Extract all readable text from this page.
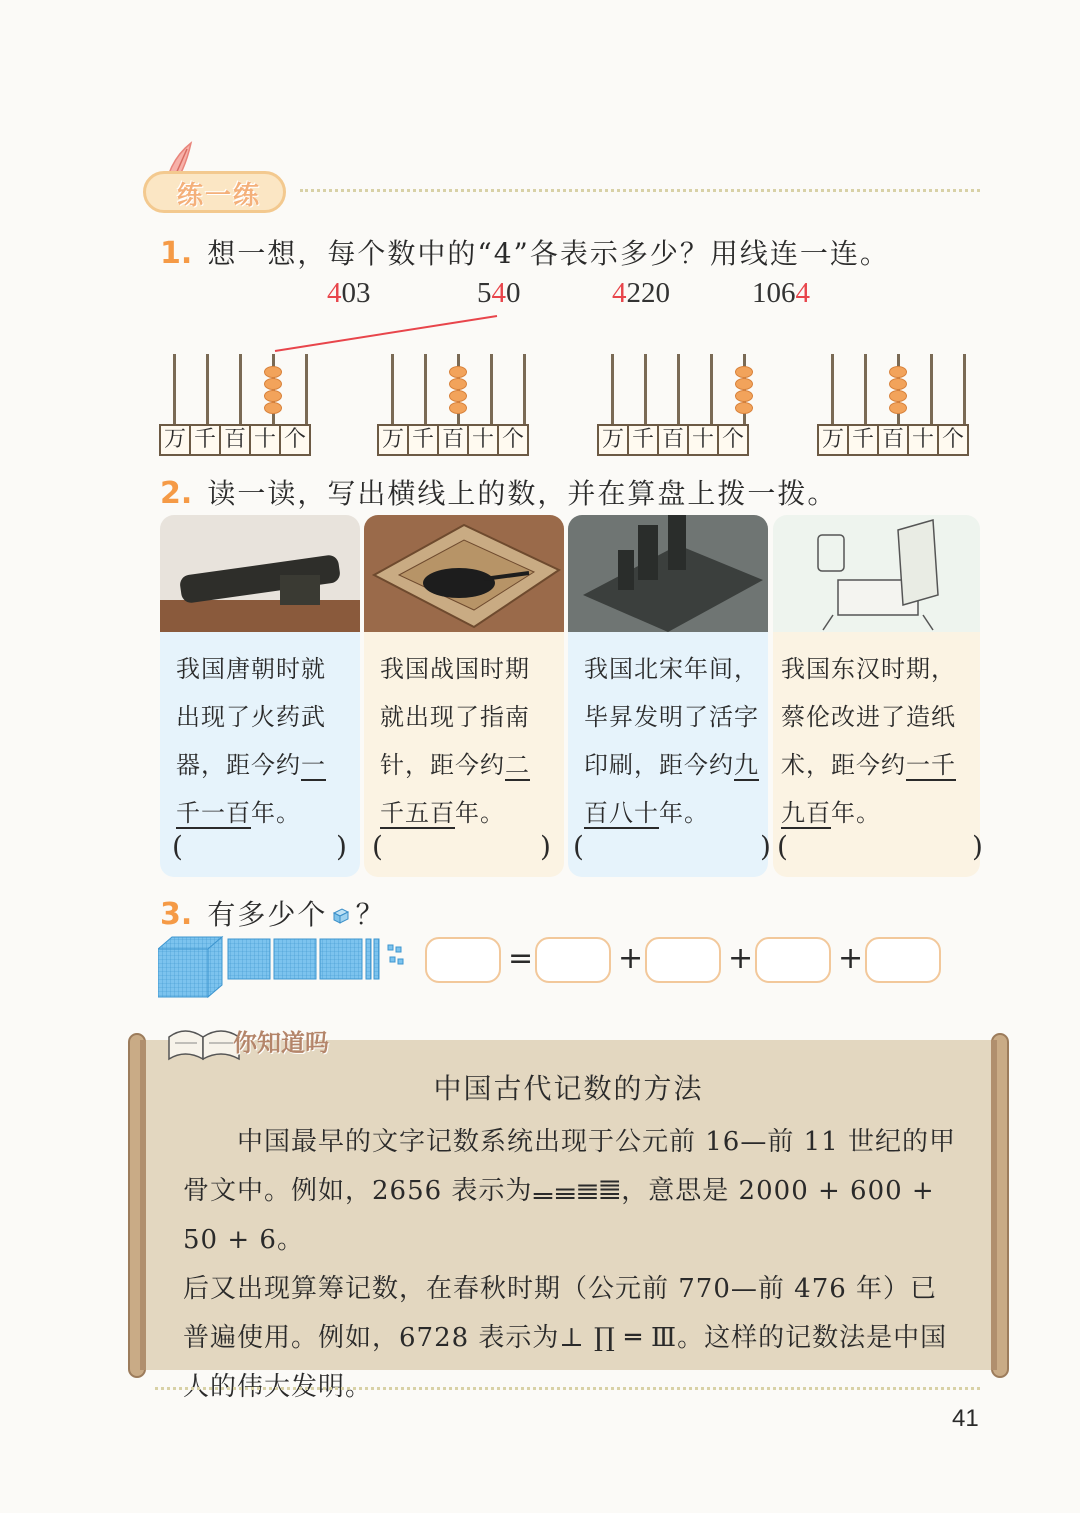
练一练
1. 想一想，每个数中的“4”各表示多少？用线连一连。
403	540	4220	1064
万 千 百 十 个	万 千 百 十 个	万 千 百 十 个	万 千 百 十 个
2. 读一读，写出横线上的数，并在算盘上拨一拨。
我国唐朝时就
出现了火药武
器，距今约一
千一百年。
我国战国时期
就出现了指南
针，距今约二
千五百年。
我国北宋年间，
毕昇发明了活字
印刷，距今约九
百八十年。
我国东汉时期，
蔡伦改进了造纸
术，距今约一千
九百年。
(	) (	) (	) (	)
3. 有多少个 ？
=	+	+	+
你知道吗
中国古代记数的方法
　　中国最早的文字记数系统出现于公元前 16—前 11 世纪的甲
骨文中。例如，2656 表示为𝍡𝍢𝍣𝍤，意思是 2000 + 600 + 50 + 6。
后又出现算筹记数，在春秋时期（公元前 770—前 476 年）已
普遍使用。例如，6728 表示为⊥ ∏ ═ Ⅲ。这样的记数法是中国
人的伟大发明。
41
